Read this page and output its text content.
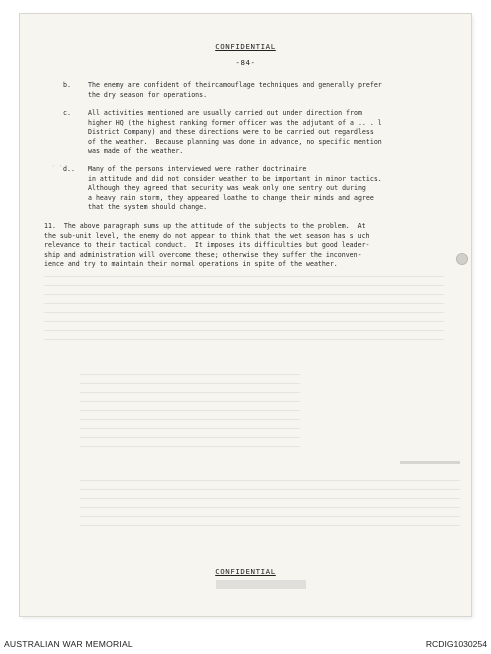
CONFIDENTIAL
-84-
◦ ◦
b.	The enemy are confident of theircamouflage techniques and generally prefer
the dry season for operations.
c.	All activities mentioned are usually carried out under direction from
higher HQ (the highest ranking former officer was the adjutant of a .. . l
District Company) and these directions were to be carried out regardless
of the weather.  Because planning was done in advance, no specific mention
was made of the weather.
d.. Many of the persons interviewed were rather doctrinaire
in attitude and did not consider weather to be important in minor tactics.
Although they agreed that security was weak only one sentry out during
a heavy rain storm, they appeared loathe to change their minds and agree
that the system should change.
11.  The above paragraph sums up the attitude of the subjects to the problem.  At
the sub-unit level, the enemy do not appear to think that the wet season has s uch
relevance to their tactical conduct.  It imposes its difficulties but good leader-
ship and administration will overcome these; otherwise they suffer the inconven-
ience and try to maintain their normal operations in spite of the weather.
CONFIDENTIAL
AUSTRALIAN WAR MEMORIAL	RCDIG1030254
